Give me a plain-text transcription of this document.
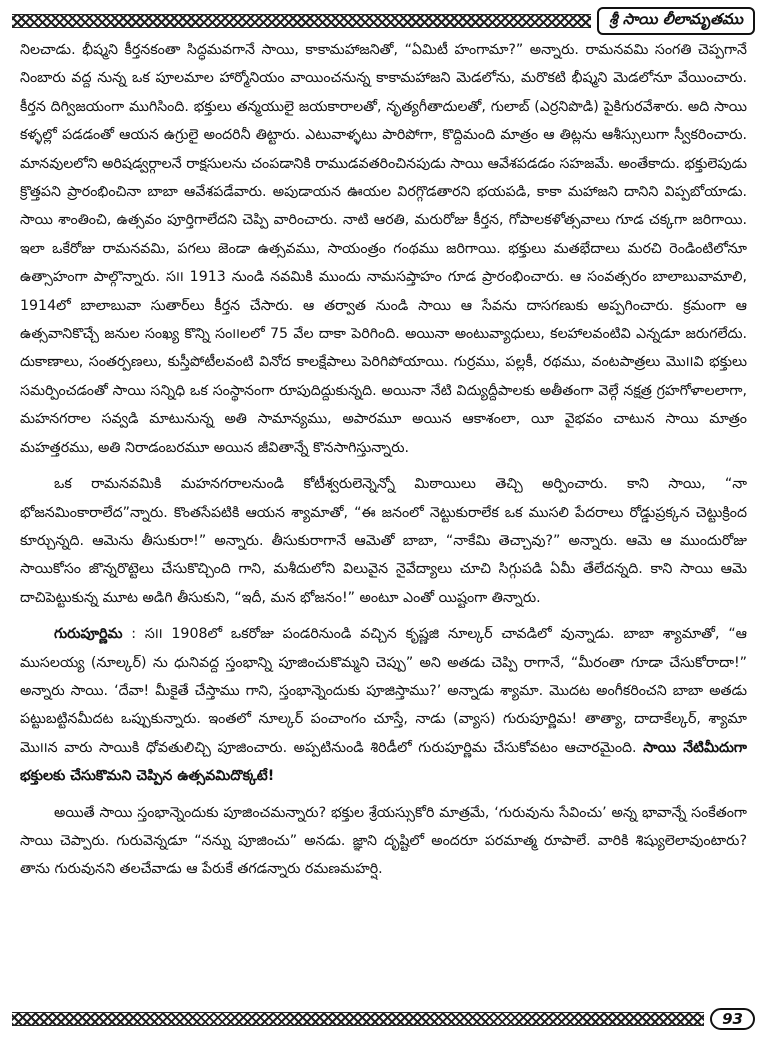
శ్రీ సాయి లీలామృతము

నిలచాడు. భీష్మని కీర్తనకంతా సిద్ధమవగానే సాయి, కాకామహాజనితో, “ఏమిటీ హంగామా?” అన్నారు. రామనవమి సంగతి చెప్పగానే నింబారు వద్ద నున్న ఒక పూలమాల హార్మోనియం వాయించనున్న కాకామహాజని మెడలోను, మరొకటి భీష్మని మెడలోనూ వేయించారు. కీర్తన దిగ్విజయంగా ముగిసింది. భక్తులు తన్మయులై జయకారాలతో, నృత్యగీతాదులతో, గులాబ్ (ఎర్రనిపొడి) పైకిగురవేశారు. అది సాయి కళ్ళల్లో పడడంతో ఆయన ఉగ్రులై అందరినీ తిట్టారు. ఎటువాళ్ళటు పారిపోగా, కొద్దిమంది మాత్రం ఆ తిట్లను ఆశీస్సులుగా స్వీకరించారు. మానవులలోని అరిషడ్వర్గాలనే రాక్షసులను చంపడానికి రాముడవతరించినపుడు సాయి ఆవేశపడడం సహజమే. అంతేకాదు. భక్తులెపుడు క్రొత్తపని ప్రారంభించినా బాబా ఆవేశపడేవారు. అపుడాయన ఊయల విరగ్గొడతారని భయపడి, కాకా మహాజని దానిని విప్పబోయాడు. సాయి శాంతించి, ఉత్సవం పూర్తిగాలేదని చెప్పి వారించారు. నాటి ఆరతి, మరురోజు కీర్తన, గోపాలకళోత్సవాలు గూడ చక్కగా జరిగాయి. ఇలా ఒకేరోజు రామనవమి, పగలు జెండా ఉత్సవము, సాయంత్రం గంథము జరిగాయి. భక్తులు మతభేదాలు మరచి రెండింటిలోనూ ఉత్సాహంగా పాల్గొన్నారు. స౹౹ 1913 నుండి నవమికి ముందు నామసప్తాహం గూడ ప్రారంభించారు. ఆ సంవత్సరం బాలాబువామాలి, 1914లో బాలాబువా సుతార్‌లు కీర్తన చేసారు. ఆ తర్వాత నుండి సాయి ఆ సేవను దాసగణుకు అప్పగించారు. క్రమంగా ఆ ఉత్సవానికొచ్చే జనుల సంఖ్య కొన్ని సం౹౹లలో 75 వేల దాకా పెరిగింది. అయినా అంటువ్యాధులు, కలహాలవంటివి ఎన్నడూ జరుగలేదు. దుకాణాలు, సంతర్పణలు, కుస్తీపోటీలవంటి వినోద కాలక్షేపాలు పెరిగిపోయాయి. గుర్రము, పల్లకీ, రథము, వంటపాత్రలు మొ౹౹వి భక్తులు సమర్పించడంతో సాయి సన్నిధి ఒక సంస్థానంగా రూపుదిద్దుకున్నది. అయినా నేటి విద్యుద్దీపాలకు అతీతంగా వెల్గే నక్షత్ర గ్రహగోళాలలాగా, మహనగరాల సవ్వడి మాటునున్న అతి సామాన్యము, అపారమూ అయిన ఆకాశంలా, యీ వైభవం చాటున సాయి మాత్రం మహత్తరము, అతి నిరాడంబరమూ అయిన జీవితాన్నే కొనసాగిస్తున్నారు.

ఒక రామనవమికి మహనగరాలనుండి కోటీశ్వరులెన్నెన్నో మిఠాయిలు తెచ్చి అర్పించారు. కాని సాయి, “నా భోజనమింకారాలేద”న్నారు. కొంతసేపటికి ఆయన శ్యామాతో, “ఈ జనంలో నెట్టుకురాలేక ఒక ముసలి పేదరాలు రోడ్డుప్రక్కన చెట్టుక్రింద కూర్చున్నది. ఆమెను తీసుకురా!” అన్నారు. తీసుకురాగానే ఆమెతో బాబా, “నాకేమి తెచ్చావు?” అన్నారు. ఆమె ఆ ముందురోజు సాయికోసం జొన్నరొట్టెలు చేసుకొచ్చింది గాని, మశీదులోని విలువైన నైవేద్యాలు చూచి సిగ్గుపడి ఏమీ తేలేదన్నది. కాని సాయి ఆమె దాచిపెట్టుకున్న మూట అడిగి తీసుకుని, “ఇదీ, మన భోజనం!” అంటూ ఎంతో యిష్టంగా తిన్నారు.

గురుపూర్ణిమ : స౹౹ 1908లో ఒకరోజు పండరినుండి వచ్చిన కృష్ణజి నూల్కర్ చావడిలో వున్నాడు. బాబా శ్యామాతో, “ఆ ముసలయ్య (నూల్కర్) ను ధునివద్ద స్తంభాన్ని పూజించుకొమ్మని చెప్పు” అని అతడు చెప్పి రాగానే, “మీరంతా గూడా చేసుకోరాదా!” అన్నారు సాయి. ‘దేవా! మీకైతే చేస్తాము గాని, స్తంభాన్నెందుకు పూజిస్తాము?’ అన్నాడు శ్యామా. మొదట అంగీకరించని బాబా అతడు పట్టుబట్టినమీదట ఒప్పుకున్నారు. ఇంతలో నూల్కర్ పంచాంగం చూస్తే, నాడు (వ్యాస) గురుపూర్ణిమ! తాత్యా, దాదాకేల్కర్, శ్యామా మొ౹౹న వారు సాయికి ధోవతులిచ్చి పూజించారు. అప్పటినుండి శిరిడీలో గురుపూర్ణిమ చేసుకోవటం ఆచారమైంది. సాయి నేటిమీదుగా భక్తులకు చేసుకొమని చెప్పిన ఉత్సవమిదొక్కటే!

అయితే సాయి స్తంభాన్నెందుకు పూజించమన్నారు? భక్తుల శ్రేయస్సుకోరి మాత్రమే, ‘గురువును సేవించు’ అన్న భావాన్నే సంకేతంగా సాయి చెప్పారు. గురువెన్నడూ “నన్ను పూజించు” అనడు. జ్ఞాని దృష్టిలో అందరూ పరమాత్మ రూపాలే. వారికి శిష్యులెలావుంటారు? తాను గురువునని తలచేవాడు ఆ పేరుకే తగడన్నారు రమణమహర్షి.

93
